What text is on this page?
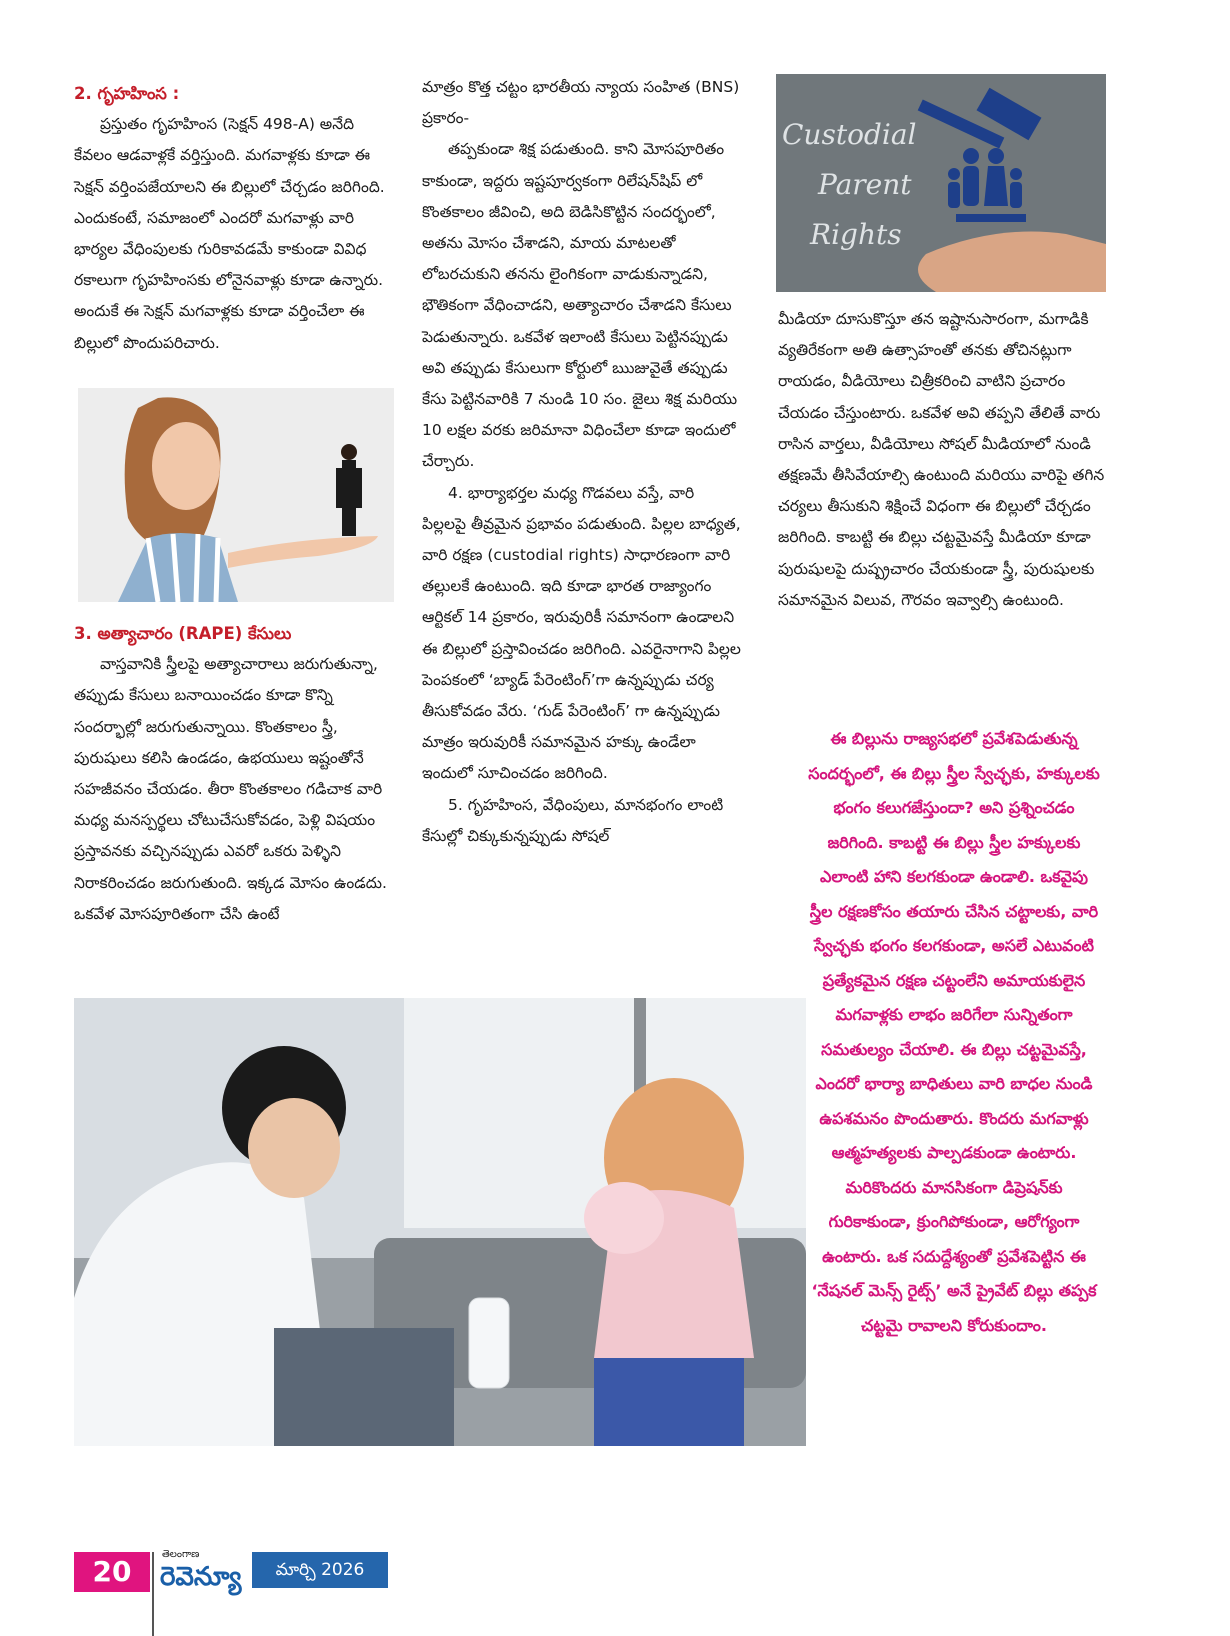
2. గృహహింస :

ప్రస్తుతం గృహహింస (సెక్షన్ 498-A) అనేది కేవలం ఆడవాళ్లకే వర్తిస్తుంది. మగవాళ్లకు కూడా ఈ సెక్షన్ వర్తింపజేయాలని ఈ బిల్లులో చేర్చడం జరిగింది. ఎందుకంటే, సమాజంలో ఎందరో మగవాళ్లు వారి భార్యల వేధింపులకు గురికావడమే కాకుండా వివిధ రకాలుగా గృహహింసకు లోనైనవాళ్లు కూడా ఉన్నారు. అందుకే ఈ సెక్షన్ మగవాళ్లకు కూడా వర్తించేలా ఈ బిల్లులో పొందుపరిచారు.

3. అత్యాచారం (RAPE) కేసులు

వాస్తవానికి స్త్రీలపై అత్యాచారాలు జరుగుతున్నా, తప్పుడు కేసులు బనాయించడం కూడా కొన్ని సందర్భాల్లో జరుగుతున్నాయి. కొంతకాలం స్త్రీ, పురుషులు కలిసి ఉండడం, ఉభయులు ఇష్టంతోనే సహజీవనం చేయడం. తీరా కొంతకాలం గడిచాక వారి మధ్య మనస్పర్థలు చోటుచేసుకోవడం, పెళ్లి విషయం ప్రస్తావనకు వచ్చినప్పుడు ఎవరో ఒకరు పెళ్ళిని నిరాకరించడం జరుగుతుంది. ఇక్కడ మోసం ఉండదు. ఒకవేళ మోసపూరితంగా చేసి ఉంటే

మాత్రం కొత్త చట్టం భారతీయ న్యాయ సంహిత (BNS) ప్రకారం-

తప్పకుండా శిక్ష పడుతుంది. కాని మోసపూరితం కాకుండా, ఇద్దరు ఇష్టపూర్వకంగా రిలేషన్‌షిప్ లో కొంతకాలం జీవించి, అది బెడిసికొట్టిన సందర్భంలో, అతను మోసం చేశాడని, మాయ మాటలతో లోబరచుకుని తనను లైంగికంగా వాడుకున్నాడని, భౌతికంగా వేధించాడని, అత్యాచారం చేశాడని కేసులు పెడుతున్నారు. ఒకవేళ ఇలాంటి కేసులు పెట్టినప్పుడు అవి తప్పుడు కేసులుగా కోర్టులో ఋజువైతే తప్పుడు కేసు పెట్టినవారికి 7 నుండి 10 సం. జైలు శిక్ష మరియు 10 లక్షల వరకు జరిమానా విధించేలా కూడా ఇందులో చేర్చారు.

4. భార్యాభర్తల మధ్య గొడవలు వస్తే, వారి పిల్లలపై తీవ్రమైన ప్రభావం పడుతుంది. పిల్లల బాధ్యత, వారి రక్షణ (custodial rights) సాధారణంగా వారి తల్లులకే ఉంటుంది. ఇది కూడా భారత రాజ్యాంగం ఆర్టికల్ 14 ప్రకారం, ఇరువురికీ సమానంగా ఉండాలని ఈ బిల్లులో ప్రస్తావించడం జరిగింది. ఎవరైనాగాని పిల్లల పెంపకంలో ‘బ్యాడ్ పేరెంటింగ్’గా ఉన్నప్పుడు చర్య తీసుకోవడం వేరు. ‘గుడ్ పేరెంటింగ్’ గా ఉన్నప్పుడు మాత్రం ఇరువురికీ సమానమైన హక్కు ఉండేలా ఇందులో సూచించడం జరిగింది.

5. గృహహింస, వేధింపులు, మానభంగం లాంటి కేసుల్లో చిక్కుకున్నప్పుడు సోషల్

Custodial
Parent
Rights

మీడియా దూసుకొస్తూ తన ఇష్టానుసారంగా, మగాడికి వ్యతిరేకంగా అతి ఉత్సాహంతో తనకు తోచినట్లుగా రాయడం, వీడియోలు చిత్రీకరించి వాటిని ప్రచారం చేయడం చేస్తుంటారు. ఒకవేళ అవి తప్పని తేలితే వారు రాసిన వార్తలు, వీడియోలు సోషల్ మీడియాలో నుండి తక్షణమే తీసివేయాల్సి ఉంటుంది మరియు వారిపై తగిన చర్యలు తీసుకుని శిక్షించే విధంగా ఈ బిల్లులో చేర్చడం జరిగింది. కాబట్టి ఈ బిల్లు చట్టమైవస్తే మీడియా కూడా పురుషులపై దుష్ప్రచారం చేయకుండా స్త్రీ, పురుషులకు సమానమైన విలువ, గౌరవం ఇవ్వాల్సి ఉంటుంది.

ఈ బిల్లును రాజ్యసభలో ప్రవేశపెడుతున్న సందర్భంలో, ఈ బిల్లు స్త్రీల స్వేచ్ఛకు, హక్కులకు భంగం కలుగజేస్తుందా? అని ప్రశ్నించడం జరిగింది. కాబట్టి ఈ బిల్లు స్త్రీల హక్కులకు ఎలాంటి హాని కలగకుండా ఉండాలి. ఒకవైపు స్త్రీల రక్షణకోసం తయారు చేసిన చట్టాలకు, వారి స్వేచ్ఛకు భంగం కలగకుండా, అసలే ఎటువంటి ప్రత్యేకమైన రక్షణ చట్టంలేని అమాయకులైన మగవాళ్లకు లాభం జరిగేలా సున్నితంగా సమతుల్యం చేయాలి. ఈ బిల్లు చట్టమైవస్తే, ఎందరో భార్యా బాధితులు వారి బాధల నుండి ఉపశమనం పొందుతారు. కొందరు మగవాళ్లు ఆత్మహత్యలకు పాల్పడకుండా ఉంటారు. మరికొందరు మానసికంగా డిప్రెషన్‌కు గురికాకుండా, క్రుంగిపోకుండా, ఆరోగ్యంగా ఉంటారు. ఒక సదుద్దేశ్యంతో ప్రవేశపెట్టిన ఈ ‘నేషనల్ మెన్స్ రైట్స్’ అనే ప్రైవేట్ బిల్లు తప్పక చట్టమై రావాలని కోరుకుందాం.

20
తెలంగాణ
రెవెన్యూ	మార్చి 2026
